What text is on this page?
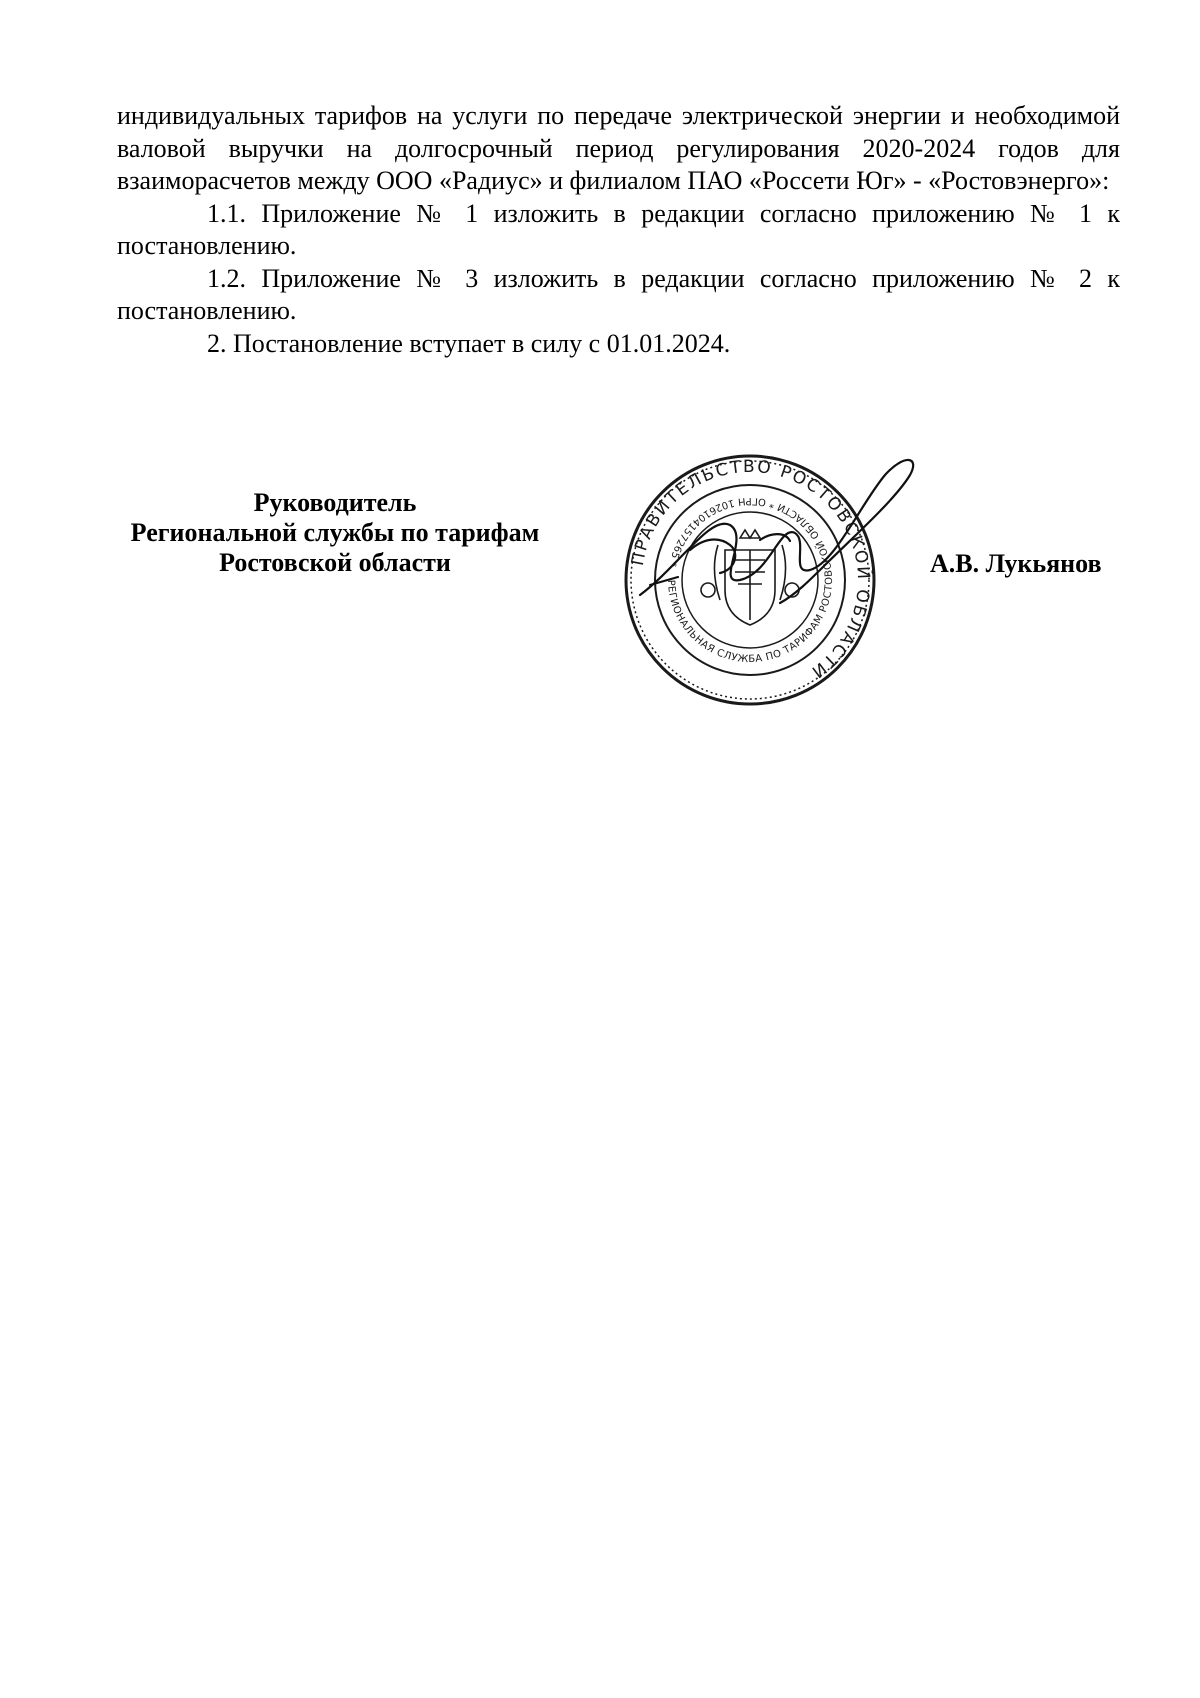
индивидуальных тарифов на услуги по передаче электрической энергии и необходимой валовой выручки на долгосрочный период регулирования 2020-2024 годов для взаиморасчетов между ООО «Радиус» и филиалом ПАО «Россети Юг» - «Ростовэнерго»:

1.1. Приложение № 1 изложить в редакции согласно приложению № 1 к постановлению.

1.2. Приложение № 3 изложить в редакции согласно приложению № 2 к постановлению.

2. Постановление вступает в силу с 01.01.2024.

Руководитель
Региональной службы по тарифам
Ростовской области	А.В. Лукьянов
ПРАВИТЕЛЬСТВО РОСТОВСКОЙ ОБЛАСТИ
РЕГИОНАЛЬНАЯ СЛУЖБА ПО ТАРИФАМ РОСТОВСКОЙ ОБЛАСТИ * ОГРН 1026104157265 *
